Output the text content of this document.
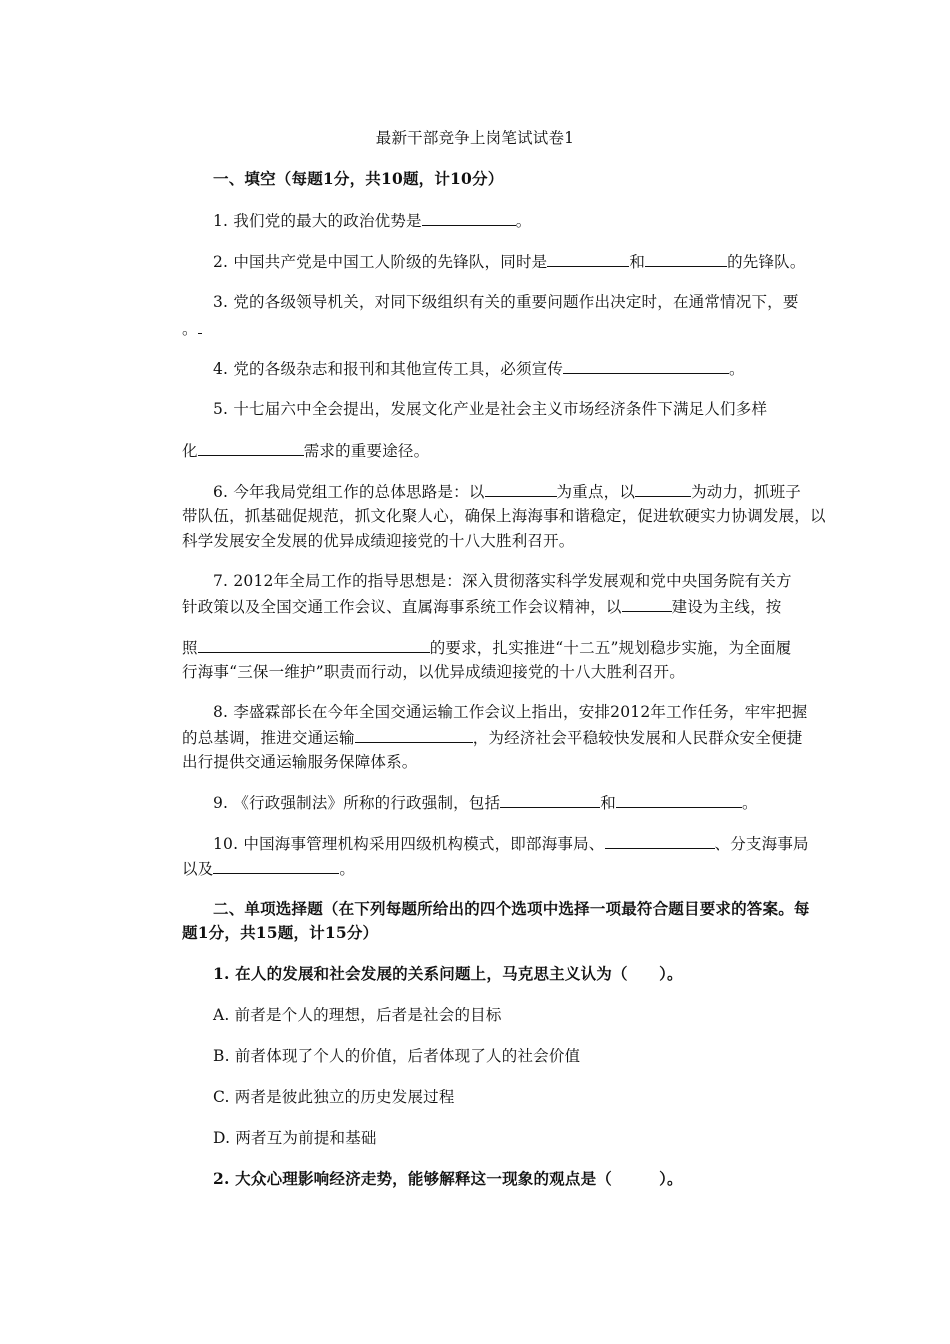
最新干部竞争上岗笔试试卷1
一、填空（每题1分，共10题，计10分）
1. 我们党的最大的政治优势是	。
2. 中国共产党是中国工人阶级的先锋队，同时是	和	的先锋队。
3. 党的各级领导机关，对同下级组织有关的重要问题作出决定时，在通常情况下，要
。
4. 党的各级杂志和报刊和其他宣传工具，必须宣传	。
5. 十七届六中全会提出，发展文化产业是社会主义市场经济条件下满足人们多样
化	需求的重要途径。
6. 今年我局党组工作的总体思路是：以	为重点，以	为动力，抓班子
带队伍，抓基础促规范，抓文化聚人心，确保上海海事和谐稳定，促进软硬实力协调发展，以
科学发展安全发展的优异成绩迎接党的十八大胜利召开。
7. 2012年全局工作的指导思想是：深入贯彻落实科学发展观和党中央国务院有关方
针政策以及全国交通工作会议、直属海事系统工作会议精神，以	建设为主线，按
照	的要求，扎实推进“十二五”规划稳步实施，为全面履
行海事“三保一维护”职责而行动，以优异成绩迎接党的十八大胜利召开。
8. 李盛霖部长在今年全国交通运输工作会议上指出，安排2012年工作任务，牢牢把握
的总基调，推进交通运输	，为经济社会平稳较快发展和人民群众安全便捷
出行提供交通运输服务保障体系。
9. 《行政强制法》所称的行政强制，包括	和	。
10. 中国海事管理机构采用四级机构模式，即部海事局、	、分支海事局
以及	。
二、单项选择题（在下列每题所给出的四个选项中选择一项最符合题目要求的答案。每
题1分，共15题，计15分）
1. 在人的发展和社会发展的关系问题上，马克思主义认为（　　）。
A. 前者是个人的理想，后者是社会的目标
B. 前者体现了个人的价值，后者体现了人的社会价值
C. 两者是彼此独立的历史发展过程
D. 两者互为前提和基础
2. 大众心理影响经济走势，能够解释这一现象的观点是（　　　）。
